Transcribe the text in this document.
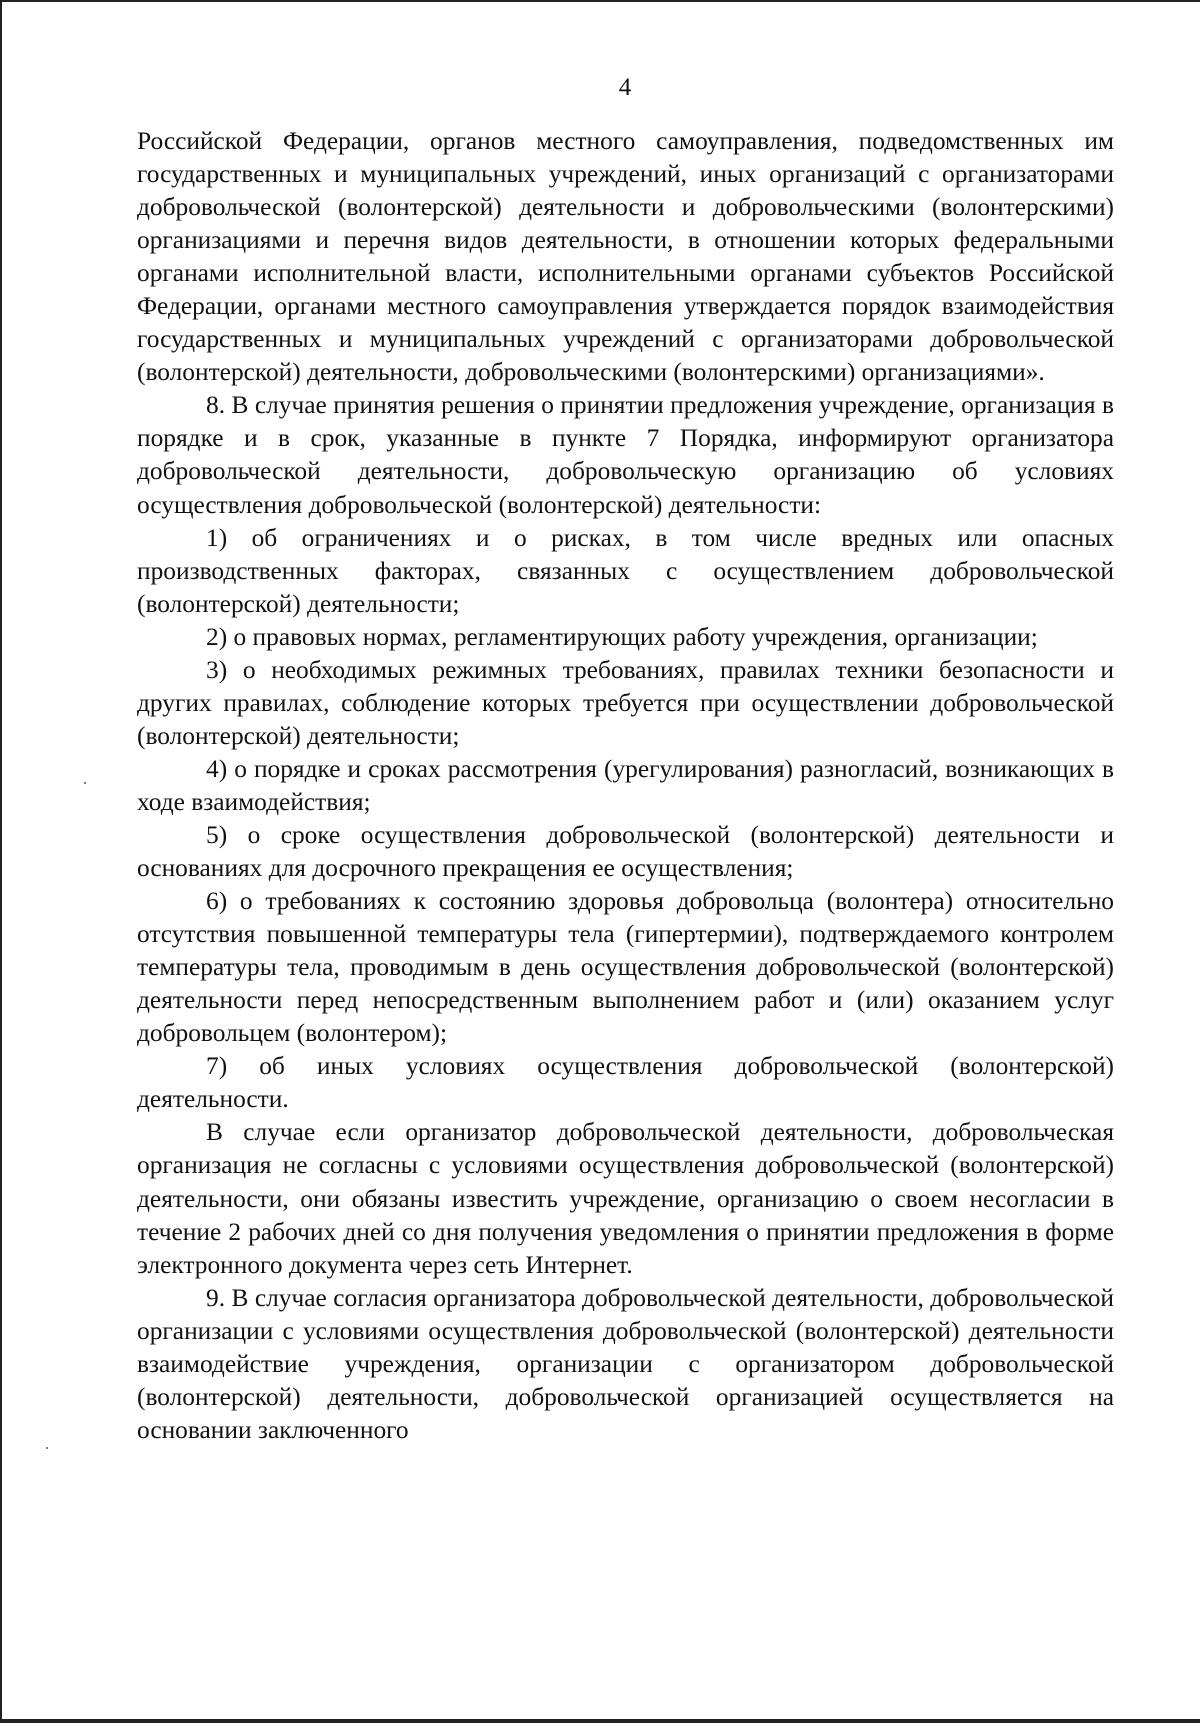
4

Российской Федерации, органов местного самоуправления, подведомственных им государственных и муниципальных учреждений, иных организаций с организаторами добровольческой (волонтерской) деятельности и добровольческими (волонтерскими) организациями и перечня видов деятельности, в отношении которых федеральными органами исполнительной власти, исполнительными органами субъектов Российской Федерации, органами местного самоуправления утверждается порядок взаимодействия государственных и муниципальных учреждений с организаторами добровольческой (волонтерской) деятельности, добровольческими (волонтерскими) организациями».

8. В случае принятия решения о принятии предложения учреждение, организация в порядке и в срок, указанные в пункте 7 Порядка, информируют организатора добровольческой деятельности, добровольческую организацию об условиях осуществления добровольческой (волонтерской) деятельности:

1) об ограничениях и о рисках, в том числе вредных или опасных производственных факторах, связанных с осуществлением добровольческой (волонтерской) деятельности;

2) о правовых нормах, регламентирующих работу учреждения, организации;

3) о необходимых режимных требованиях, правилах техники безопасности и других правилах, соблюдение которых требуется при осуществлении добровольческой (волонтерской) деятельности;

4) о порядке и сроках рассмотрения (урегулирования) разногласий, возникающих в ходе взаимодействия;

5) о сроке осуществления добровольческой (волонтерской) деятельности и основаниях для досрочного прекращения ее осуществления;

6) о требованиях к состоянию здоровья добровольца (волонтера) относительно отсутствия повышенной температуры тела (гипертермии), подтверждаемого контролем температуры тела, проводимым в день осуществления добровольческой (волонтерской) деятельности перед непосредственным выполнением работ и (или) оказанием услуг добровольцем (волонтером);

7) об иных условиях осуществления добровольческой (волонтерской) деятельности.

В случае если организатор добровольческой деятельности, добровольческая организация не согласны с условиями осуществления добровольческой (волонтерской) деятельности, они обязаны известить учреждение, организацию о своем несогласии в течение 2 рабочих дней со дня получения уведомления о принятии предложения в форме электронного документа через сеть Интернет.

9. В случае согласия организатора добровольческой деятельности, добровольческой организации с условиями осуществления добровольческой (волонтерской) деятельности взаимодействие учреждения, организации с организатором добровольческой (волонтерской) деятельности, добровольческой организацией осуществляется на основании заключенного
